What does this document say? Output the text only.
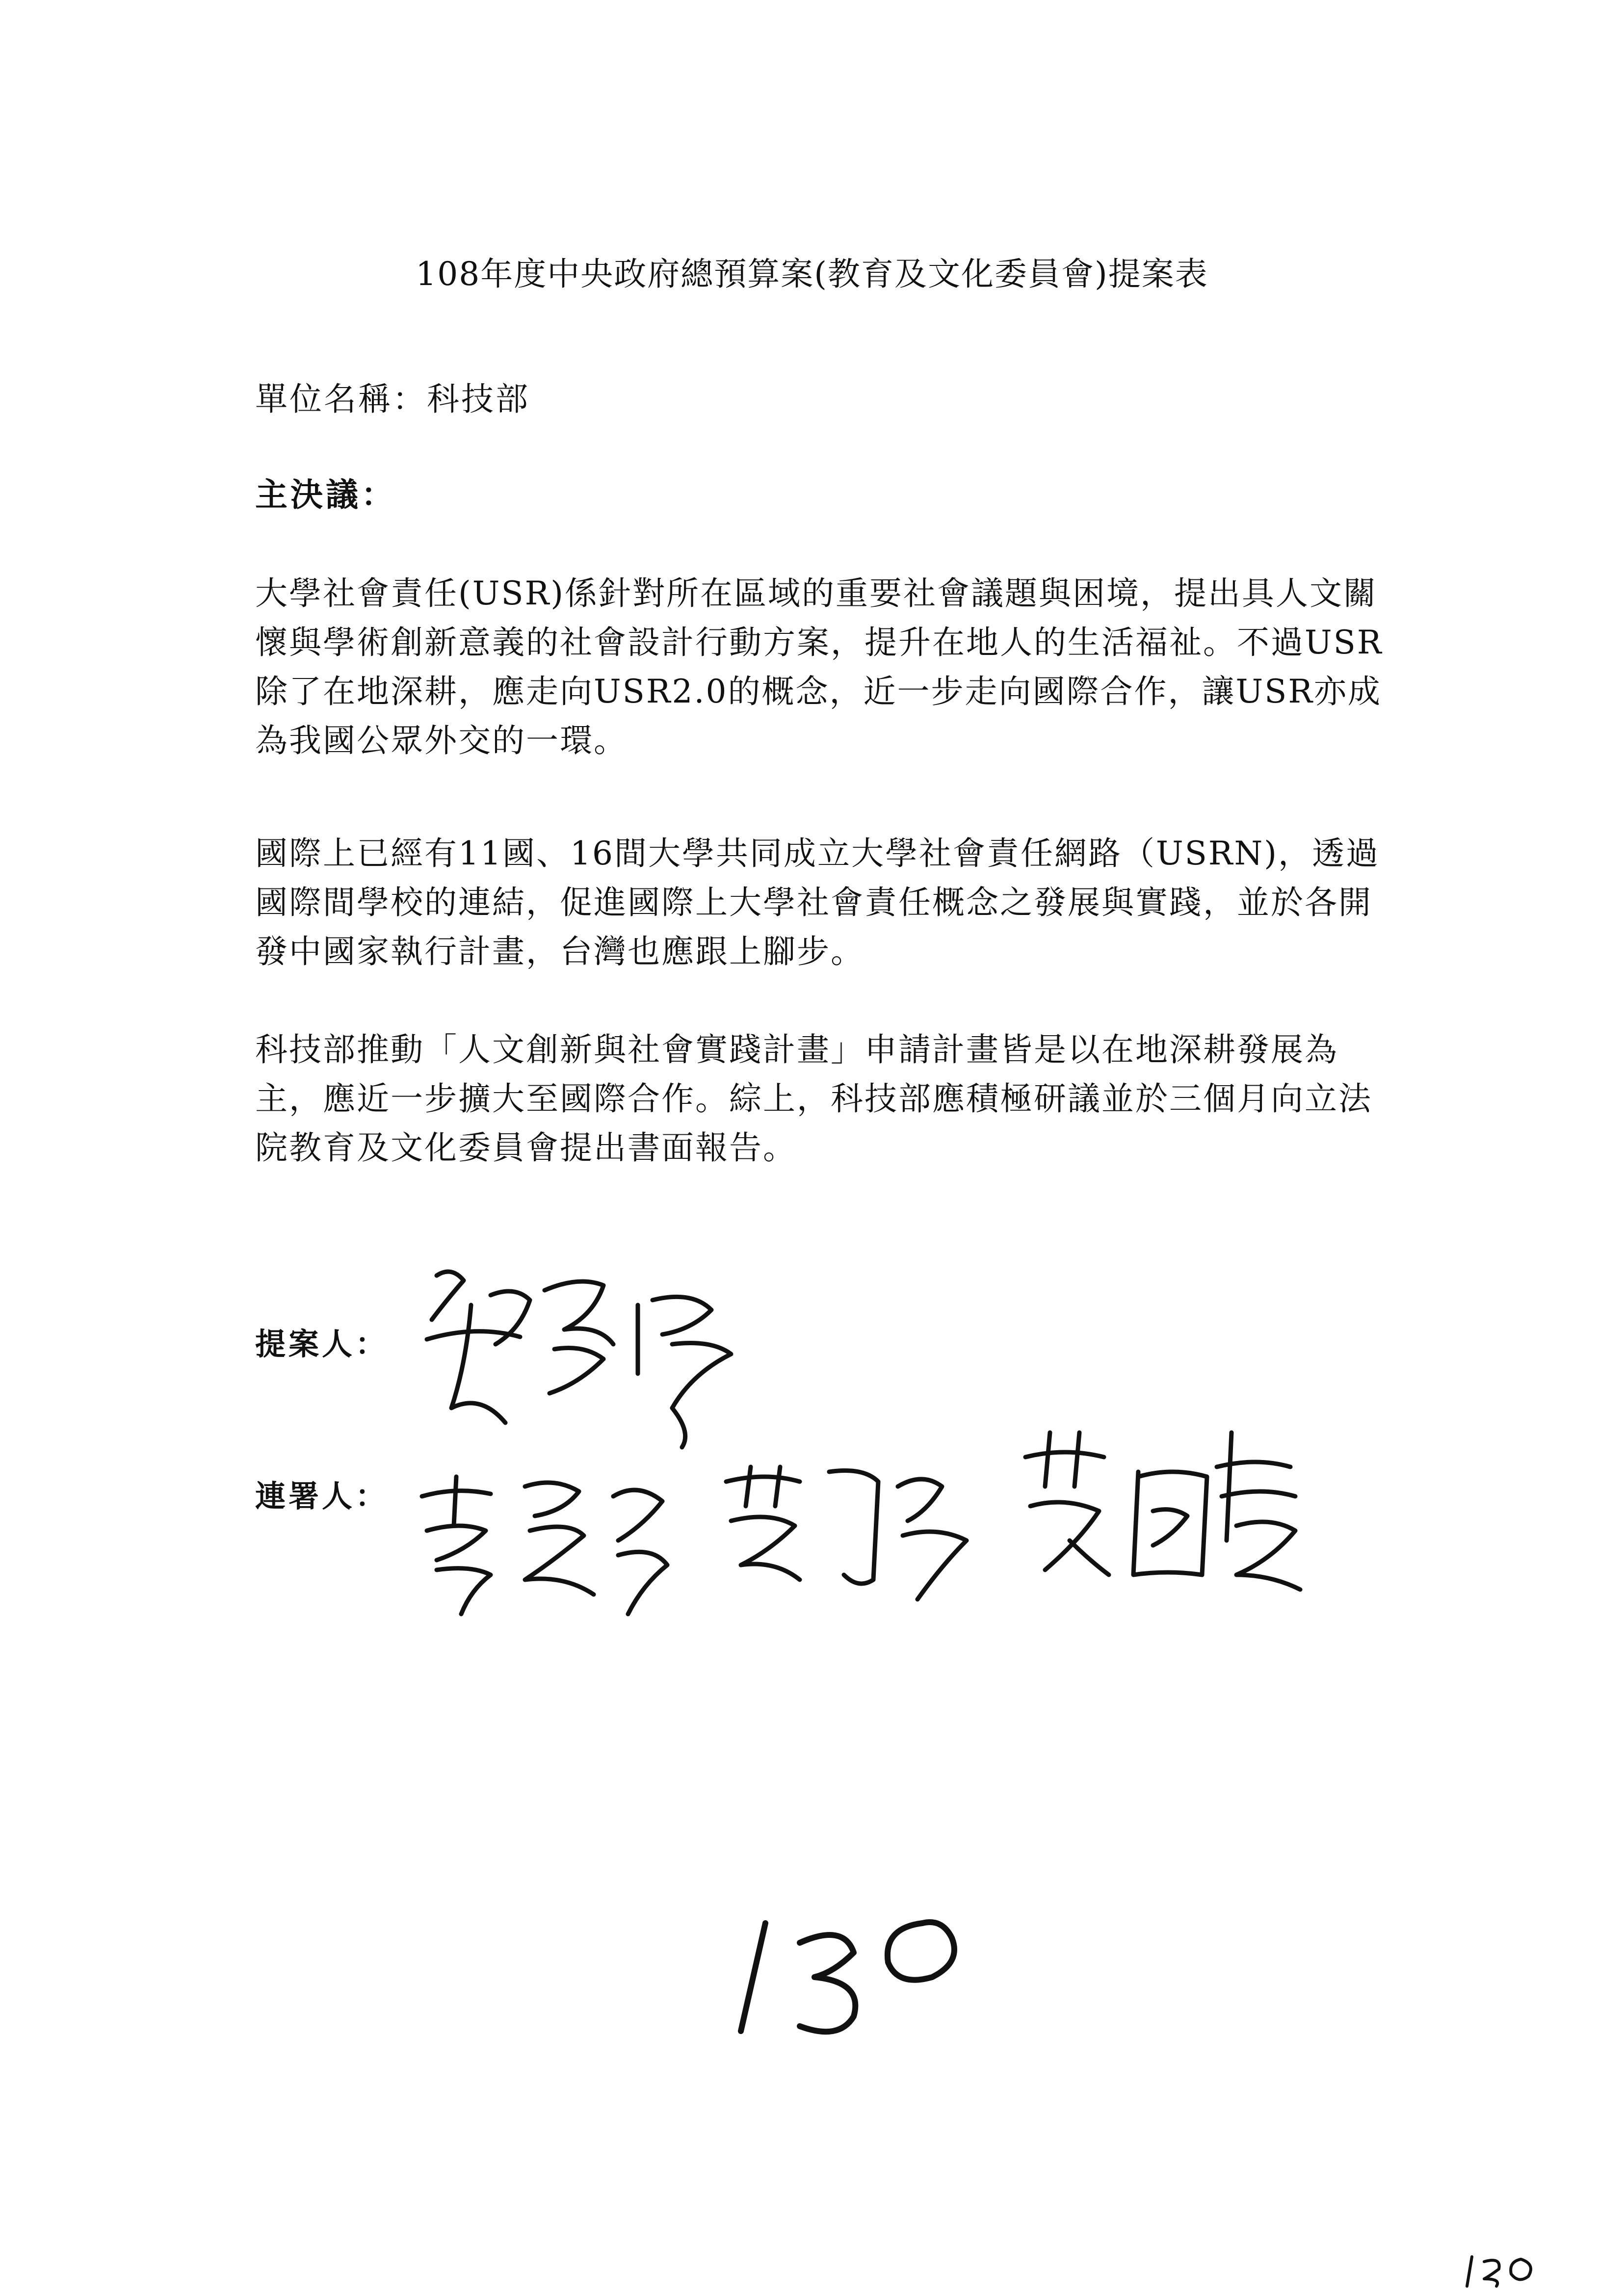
108年度中央政府總預算案(教育及文化委員會)提案表
單位名稱：科技部
主決議：

大學社會責任(USR)係針對所在區域的重要社會議題與困境，提出具人文關懷與學術創新意義的社會設計行動方案，提升在地人的生活福祉。不過USR除了在地深耕，應走向USR2.0的概念，近一步走向國際合作，讓USR亦成為我國公眾外交的一環。

國際上已經有11國、16間大學共同成立大學社會責任網路（USRN)，透過國際間學校的連結，促進國際上大學社會責任概念之發展與實踐，並於各開發中國家執行計畫，台灣也應跟上腳步。

科技部推動「人文創新與社會實踐計畫」申請計畫皆是以在地深耕發展為主，應近一步擴大至國際合作。綜上，科技部應積極研議並於三個月向立法院教育及文化委員會提出書面報告。

提案人：
連署人：
